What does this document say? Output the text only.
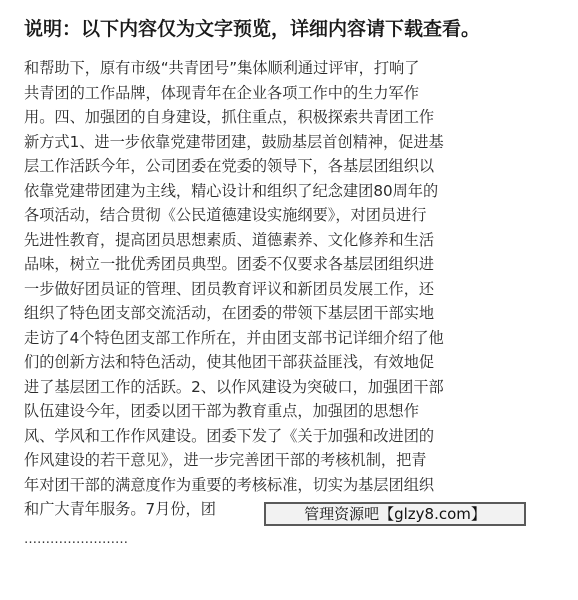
说明：以下内容仅为文字预览，详细内容请下载查看。
和帮助下，原有市级“共青团号”集体顺利通过评审，打响了
共青团的工作品牌，体现青年在企业各项工作中的生力军作
用。四、加强团的自身建设，抓住重点，积极探索共青团工作
新方式1、进一步依靠党建带团建，鼓励基层首创精神，促进基
层工作活跃今年，公司团委在党委的领导下，各基层团组织以
依靠党建带团建为主线，精心设计和组织了纪念建团80周年的
各项活动，结合贯彻《公民道德建设实施纲要》，对团员进行
先进性教育，提高团员思想素质、道德素养、文化修养和生活
品味，树立一批优秀团员典型。团委不仅要求各基层团组织进
一步做好团员证的管理、团员教育评议和新团员发展工作，还
组织了特色团支部交流活动，在团委的带领下基层团干部实地
走访了4个特色团支部工作所在，并由团支部书记详细介绍了他
们的创新方法和特色活动，使其他团干部获益匪浅，有效地促
进了基层团工作的活跃。2、以作风建设为突破口，加强团干部
队伍建设今年，团委以团干部为教育重点，加强团的思想作
风、学风和工作作风建设。团委下发了《关于加强和改进团的
作风建设的若干意见》，进一步完善团干部的考核机制，把青
年对团干部的满意度作为重要的考核标准，切实为基层团组织
和广大青年服务。7月份，团
……………………
管理资源吧【glzy8.com】
